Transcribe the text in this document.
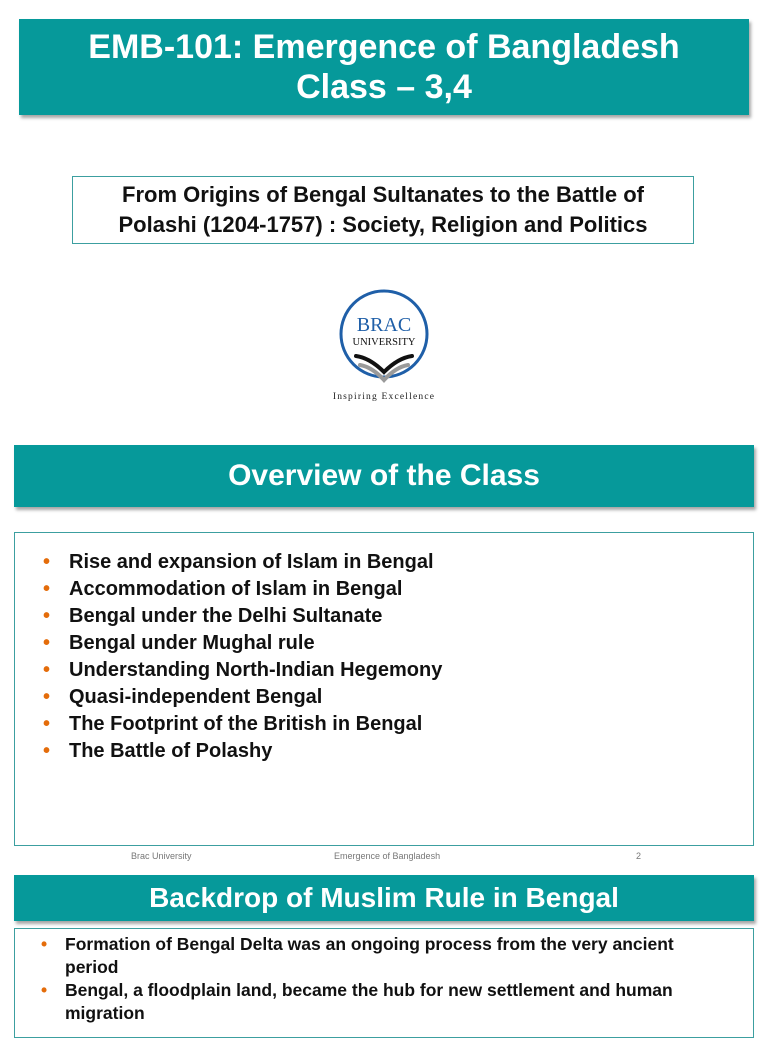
EMB-101: Emergence of Bangladesh
Class – 3,4
From Origins of Bengal Sultanates to the Battle of
Polashi (1204-1757) : Society, Religion and Politics
BRAC
UNIVERSITY
Inspiring Excellence
Overview of the Class
• Rise and expansion of Islam in Bengal
• Accommodation of Islam in Bengal
• Bengal under the Delhi Sultanate
• Bengal under Mughal rule
• Understanding North-Indian Hegemony
• Quasi-independent Bengal
• The Footprint of the British in Bengal
• The Battle of Polashy
Brac University	Emergence of Bangladesh	2
Backdrop of Muslim Rule in Bengal
• Formation of Bengal Delta was an ongoing process from the very ancient period
• Bengal, a floodplain land, became the hub for new settlement and human migration
